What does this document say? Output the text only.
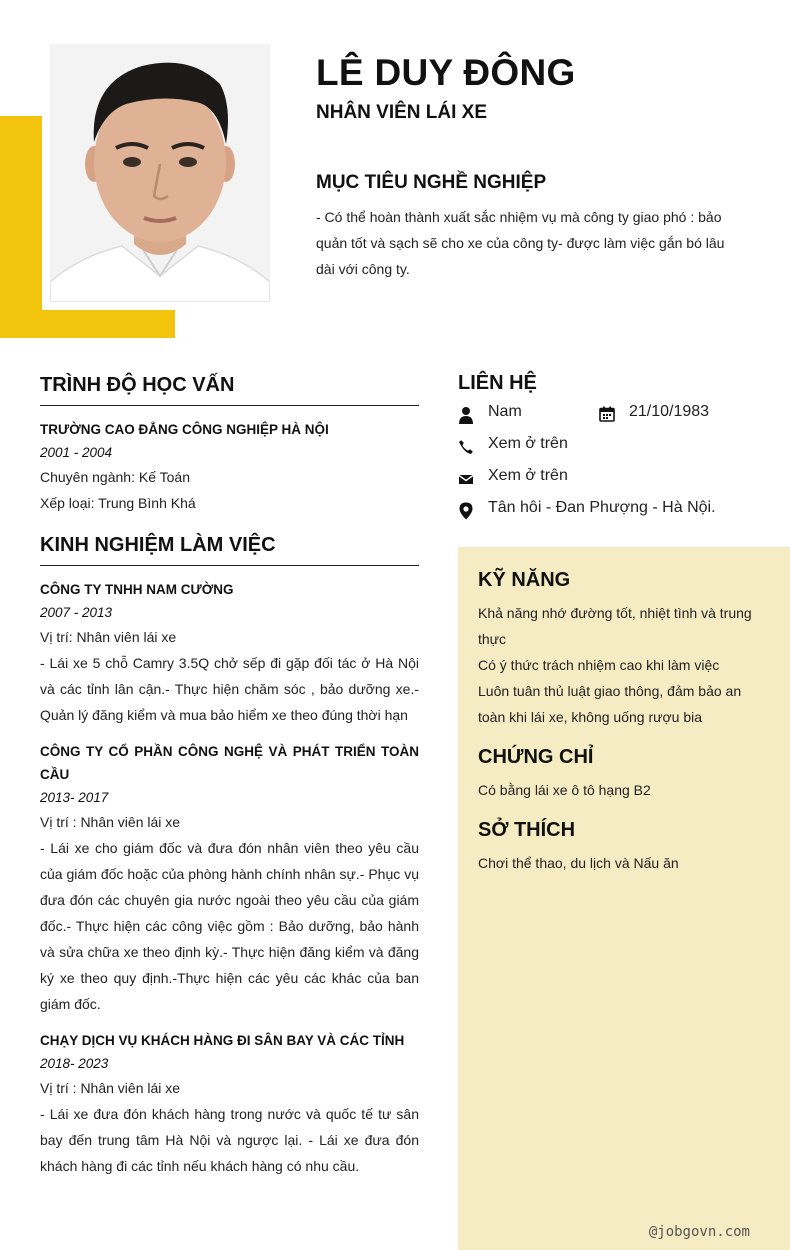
LÊ DUY ĐÔNG
NHÂN VIÊN LÁI XE
MỤC TIÊU NGHỀ NGHIỆP

- Có thể hoàn thành xuất sắc nhiệm vụ mà công ty giao phó : bảo quản tốt và sạch sẽ cho xe của công ty- được làm việc gắn bó lâu dài với công ty.

TRÌNH ĐỘ HỌC VẤN
TRƯỜNG CAO ĐẲNG CÔNG NGHIỆP HÀ NỘI
2001 - 2004
Chuyên ngành: Kế Toán
Xếp loại: Trung Bình Khá
KINH NGHIỆM LÀM VIỆC
CÔNG TY TNHH NAM CƯỜNG
2007 - 2013
Vị trí: Nhân viên lái xe
- Lái xe 5 chỗ Camry 3.5Q chở sếp đi gặp đối tác ở Hà Nội và các tỉnh lân cận.- Thực hiện chăm sóc , bảo dưỡng xe.- Quản lý đăng kiểm và mua bảo hiểm xe theo đúng thời hạn
CÔNG TY CỔ PHẦN CÔNG NGHỆ VÀ PHÁT TRIỂN TOÀN CẦU
2013- 2017
Vị trí : Nhân viên lái xe
- Lái xe cho giám đốc và đưa đón nhân viên theo yêu cầu của giám đốc hoặc của phòng hành chính nhân sự.- Phục vụ đưa đón các chuyên gia nước ngoài theo yêu cầu của giám đốc.- Thực hiện các công việc gồm : Bảo dưỡng, bảo hành và sửa chữa xe theo định kỳ.- Thực hiện đăng kiểm và đăng ký xe theo quy định.-Thực hiện các yêu các khác của ban giám đốc.
CHẠY DỊCH VỤ KHÁCH HÀNG ĐI SÂN BAY VÀ CÁC TỈNH
2018- 2023
Vị trí : Nhân viên lái xe
- Lái xe đưa đón khách hàng trong nước và quốc tế tư sân bay đến trung tâm Hà Nội và ngược lại. - Lái xe đưa đón khách hàng đi các tỉnh nếu khách hàng có nhu cầu.
LIÊN HỆ
Nam	21/10/1983
Xem ở trên
Xem ở trên
Tân hôi - Đan Phượng - Hà Nội.
KỸ NĂNG
Khả năng nhớ đường tốt, nhiệt tình và trung thực
Có ý thức trách nhiệm cao khi làm việc
Luôn tuân thủ luật giao thông, đảm bảo an toàn khi lái xe, không uống rượu bia
CHỨNG CHỈ
Có bằng lái xe ô tô hạng B2
SỞ THÍCH
Chơi thể thao, du lịch và Nấu ăn
@jobgovn.com
